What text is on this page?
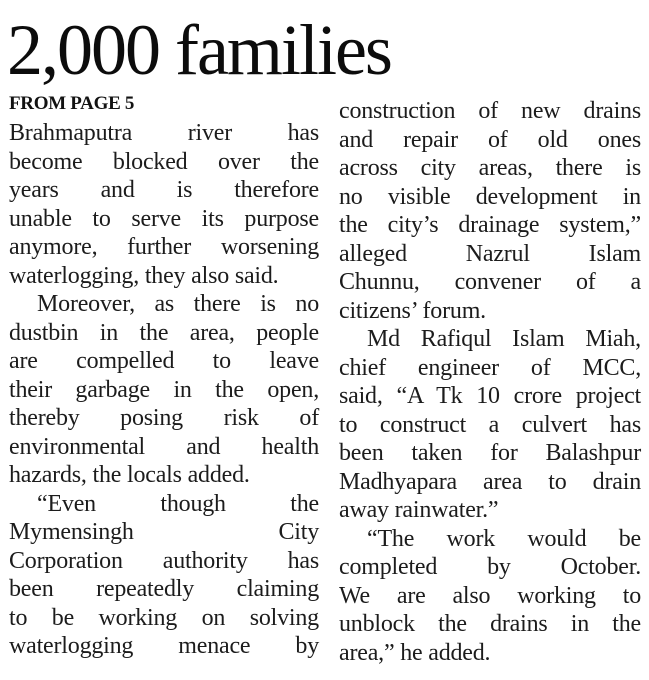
2,000 families
FROM PAGE 5

Brahmaputra river has
become blocked over the
years and is therefore
unable to serve its purpose
anymore, further worsening
waterlogging, they also said.

Moreover, as there is no
dustbin in the area, people
are compelled to leave
their garbage in the open,
thereby posing risk of
environmental and health
hazards, the locals added.

“Even though the
Mymensingh City
Corporation authority has
been repeatedly claiming
to be working on solving
waterlogging menace by

construction of new drains
and repair of old ones
across city areas, there is
no visible development in
the city’s drainage system,”
alleged Nazrul Islam
Chunnu, convener of a
citizens’ forum.

Md Rafiqul Islam Miah,
chief engineer of MCC,
said, “A Tk 10 crore project
to construct a culvert has
been taken for Balashpur
Madhyapara area to drain
away rainwater.”

“The work would be
completed by October.
We are also working to
unblock the drains in the
area,” he added.
